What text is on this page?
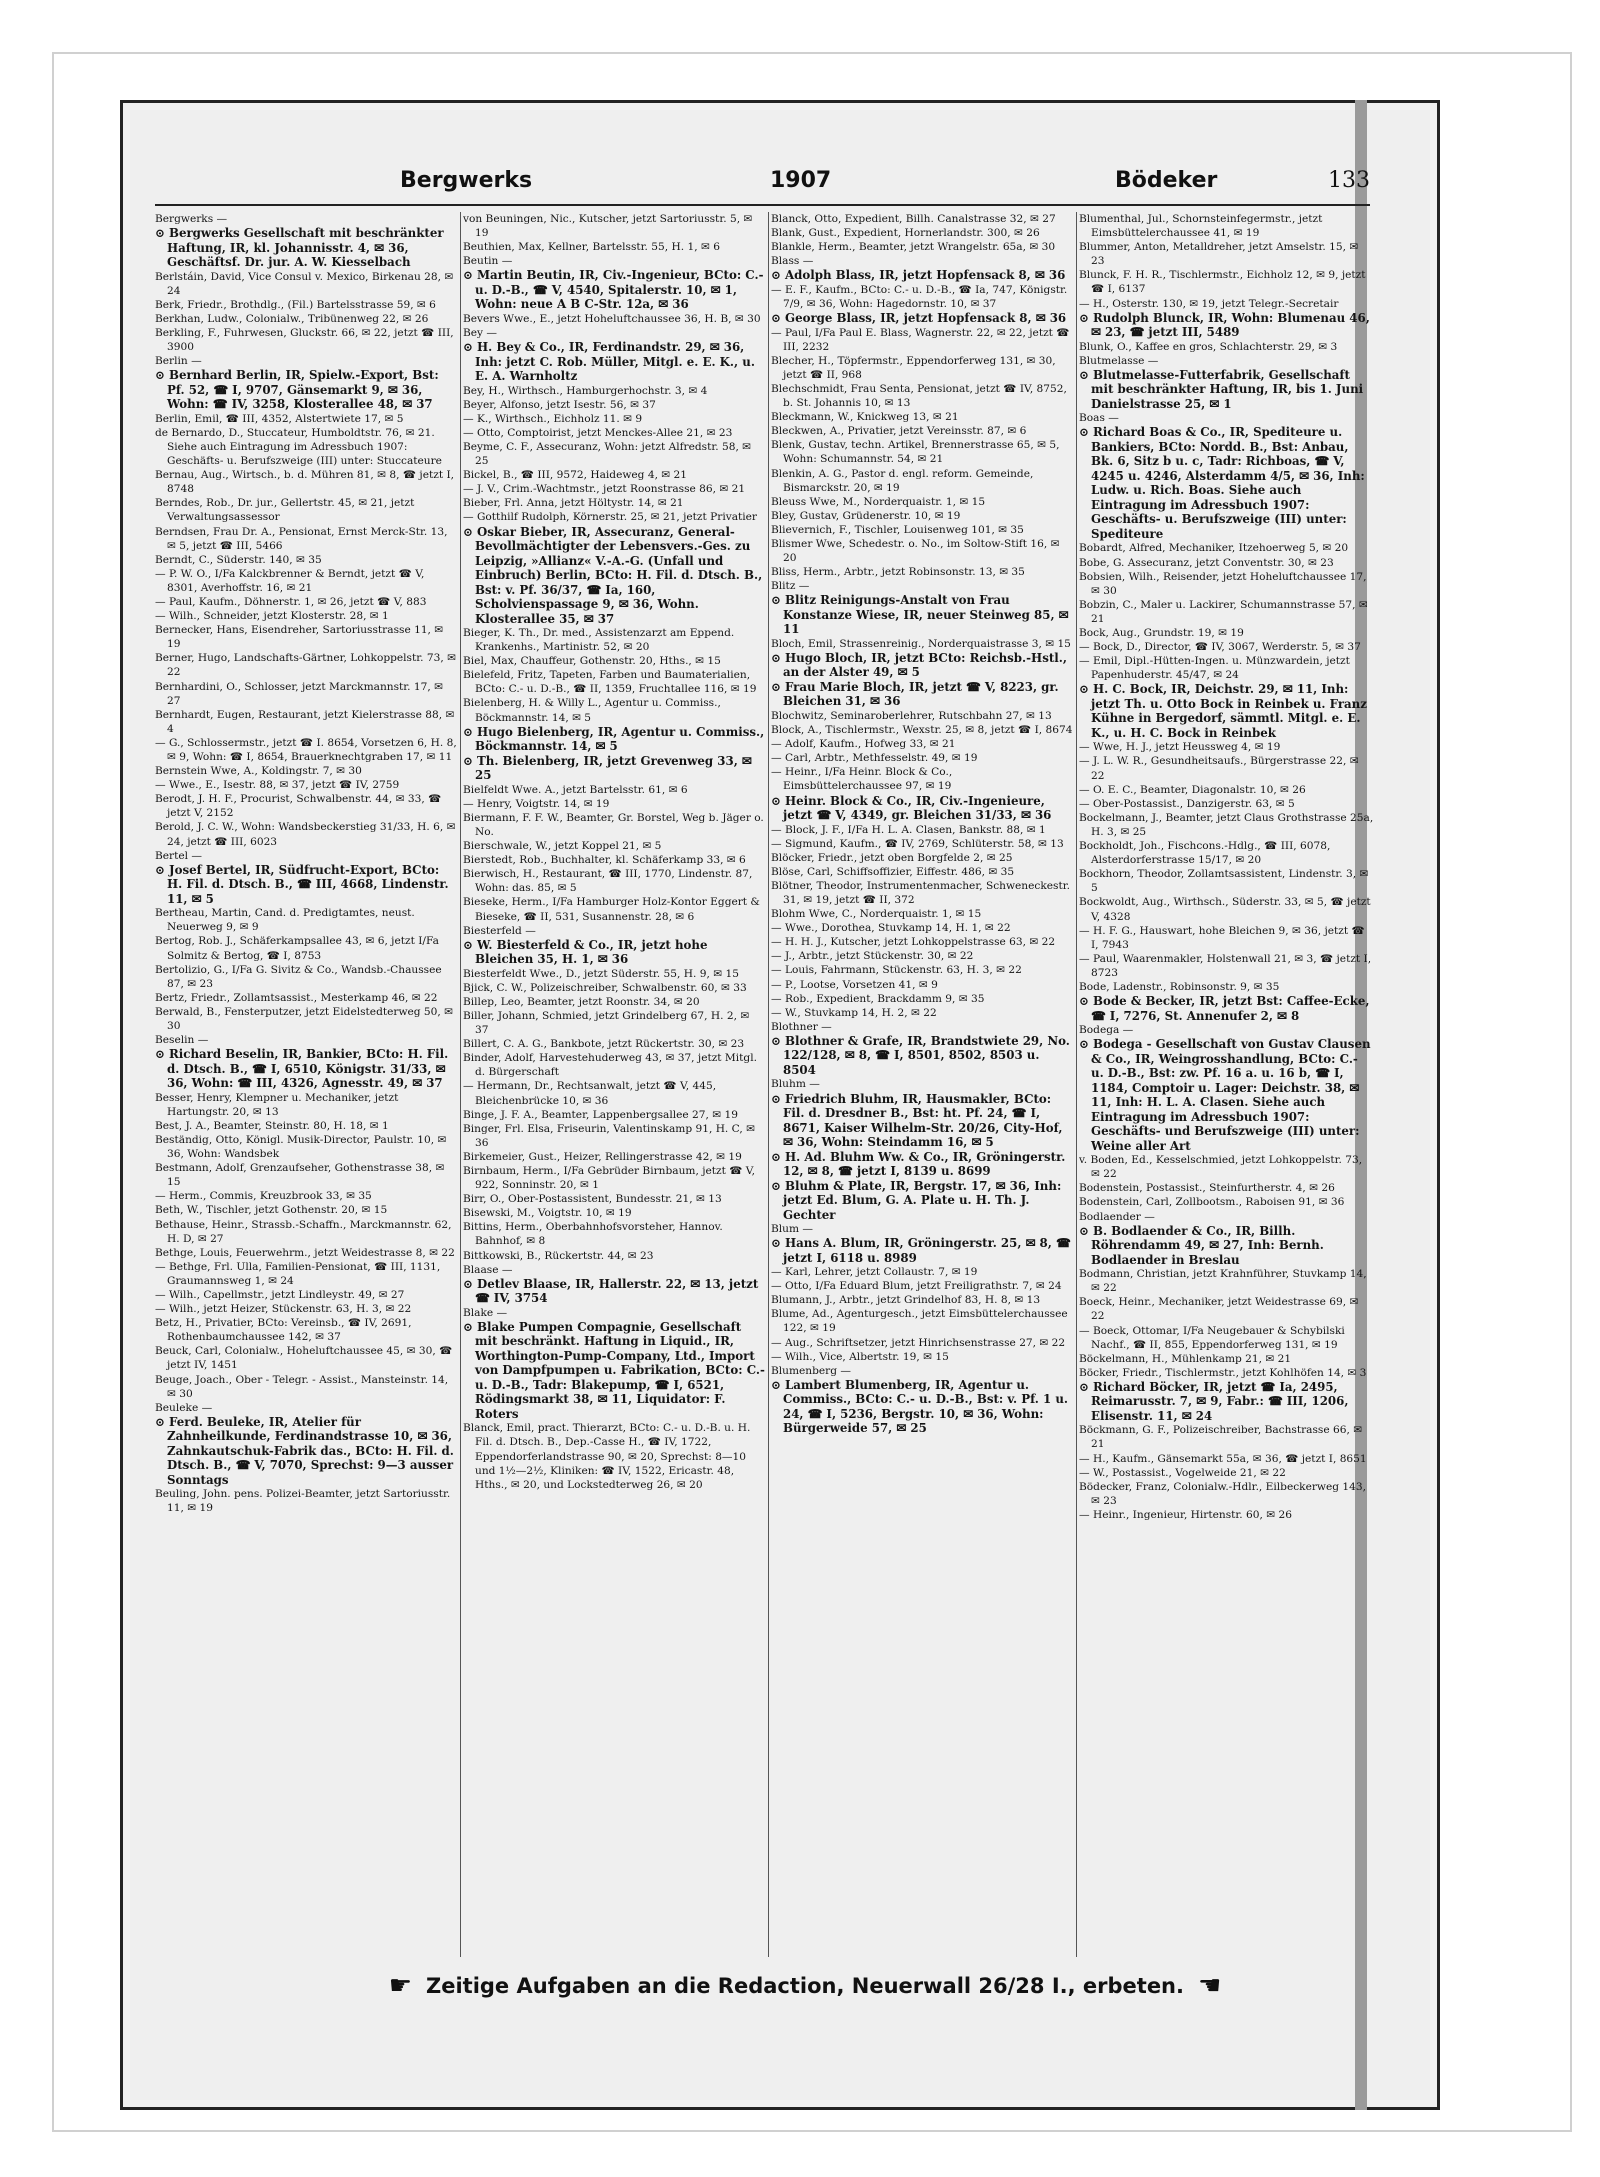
Bergwerks	1907	Bödeker	133

Bergwerks —

⊙ Bergwerks Gesellschaft mit beschränkter Haftung, IR, kl. Johannisstr. 4, ✉ 36, Geschäftsf. Dr. jur. A. W. Kiesselbach

Berlstáin, David, Vice Consul v. Mexico, Birkenau 28, ✉ 24

Berk, Friedr., Brothdlg., (Fil.) Bartelsstrasse 59, ✉ 6

Berkhan, Ludw., Colonialw., Tribünenweg 22, ✉ 26

Berkling, F., Fuhrwesen, Gluckstr. 66, ✉ 22, jetzt ☎ III, 3900

Berlin —

⊙ Bernhard Berlin, IR, Spielw.-Export, Bst: Pf. 52, ☎ I, 9707, Gänsemarkt 9, ✉ 36, Wohn: ☎ IV, 3258, Klosterallee 48, ✉ 37

Berlin, Emil, ☎ III, 4352, Alstertwiete 17, ✉ 5

de Bernardo, D., Stuccateur, Humboldtstr. 76, ✉ 21. Siehe auch Eintragung im Adressbuch 1907: Geschäfts- u. Berufszweige (III) unter: Stuccateure

Bernau, Aug., Wirtsch., b. d. Mühren 81, ✉ 8, ☎ jetzt I, 8748

Berndes, Rob., Dr. jur., Gellertstr. 45, ✉ 21, jetzt Verwaltungsassessor

Berndsen, Frau Dr. A., Pensionat, Ernst Merck-Str. 13, ✉ 5, jetzt ☎ III, 5466

Berndt, C., Süderstr. 140, ✉ 35

— P. W. O., I/Fa Kalckbrenner & Berndt, jetzt ☎ V, 8301, Averhoffstr. 16, ✉ 21

— Paul, Kaufm., Döhnerstr. 1, ✉ 26, jetzt ☎ V, 883

— Wilh., Schneider, jetzt Klosterstr. 28, ✉ 1

Bernecker, Hans, Eisendreher, Sartoriusstrasse 11, ✉ 19

Berner, Hugo, Landschafts-Gärtner, Lohkoppelstr. 73, ✉ 22

Bernhardini, O., Schlosser, jetzt Marckmannstr. 17, ✉ 27

Bernhardt, Eugen, Restaurant, jetzt Kielerstrasse 88, ✉ 4

— G., Schlossermstr., jetzt ☎ I. 8654, Vorsetzen 6, H. 8, ✉ 9, Wohn: ☎ I, 8654, Brauerknechtgraben 17, ✉ 11

Bernstein Wwe, A., Koldingstr. 7, ✉ 30

— Wwe., E., Isestr. 88, ✉ 37, jetzt ☎ IV, 2759

Berodt, J. H. F., Procurist, Schwalbenstr. 44, ✉ 33, ☎ jetzt V, 2152

Berold, J. C. W., Wohn: Wandsbeckerstieg 31/33, H. 6, ✉ 24, jetzt ☎ III, 6023

Bertel —

⊙ Josef Bertel, IR, Südfrucht-Export, BCto: H. Fil. d. Dtsch. B., ☎ III, 4668, Lindenstr. 11, ✉ 5

Bertheau, Martin, Cand. d. Predigtamtes, neust. Neuerweg 9, ✉ 9

Bertog, Rob. J., Schäferkampsallee 43, ✉ 6, jetzt I/Fa Solmitz & Bertog, ☎ I, 8753

Bertolizio, G., I/Fa G. Sivitz & Co., Wandsb.-Chaussee 87, ✉ 23

Bertz, Friedr., Zollamtsassist., Mesterkamp 46, ✉ 22

Berwald, B., Fensterputzer, jetzt Eidelstedterweg 50, ✉ 30

Beselin —

⊙ Richard Beselin, IR, Bankier, BCto: H. Fil. d. Dtsch. B., ☎ I, 6510, Königstr. 31/33, ✉ 36, Wohn: ☎ III, 4326, Agnesstr. 49, ✉ 37

Besser, Henry, Klempner u. Mechaniker, jetzt Hartungstr. 20, ✉ 13

Best, J. A., Beamter, Steinstr. 80, H. 18, ✉ 1

Beständig, Otto, Königl. Musik-Director, Paulstr. 10, ✉ 36, Wohn: Wandsbek

Bestmann, Adolf, Grenzaufseher, Gothenstrasse 38, ✉ 15

— Herm., Commis, Kreuzbrook 33, ✉ 35

Beth, W., Tischler, jetzt Gothenstr. 20, ✉ 15

Bethause, Heinr., Strassb.-Schaffn., Marckmannstr. 62, H. D, ✉ 27

Bethge, Louis, Feuerwehrm., jetzt Weidestrasse 8, ✉ 22

— Bethge, Frl. Ulla, Familien-Pensionat, ☎ III, 1131, Graumannsweg 1, ✉ 24

— Wilh., Capellmstr., jetzt Lindleystr. 49, ✉ 27

— Wilh., jetzt Heizer, Stückenstr. 63, H. 3, ✉ 22

Betz, H., Privatier, BCto: Vereinsb., ☎ IV, 2691, Rothenbaumchaussee 142, ✉ 37

Beuck, Carl, Colonialw., Hoheluftchaussee 45, ✉ 30, ☎ jetzt IV, 1451

Beuge, Joach., Ober - Telegr. - Assist., Mansteinstr. 14, ✉ 30

Beuleke —

⊙ Ferd. Beuleke, IR, Atelier für Zahnheilkunde, Ferdinandstrasse 10, ✉ 36, Zahnkautschuk-Fabrik das., BCto: H. Fil. d. Dtsch. B., ☎ V, 7070, Sprechst: 9—3 ausser Sonntags

Beuling, John. pens. Polizei-Beamter, jetzt Sartoriusstr. 11, ✉ 19

von Beuningen, Nic., Kutscher, jetzt Sartoriusstr. 5, ✉ 19

Beuthien, Max, Kellner, Bartelsstr. 55, H. 1, ✉ 6

Beutin —

⊙ Martin Beutin, IR, Civ.-Ingenieur, BCto: C.- u. D.-B., ☎ V, 4540, Spitalerstr. 10, ✉ 1, Wohn: neue A B C-Str. 12a, ✉ 36

Bevers Wwe., E., jetzt Hoheluftchaussee 36, H. B, ✉ 30

Bey —

⊙ H. Bey & Co., IR, Ferdinandstr. 29, ✉ 36, Inh: jetzt C. Rob. Müller, Mitgl. e. E. K., u. E. A. Warnholtz

Bey, H., Wirthsch., Hamburgerhochstr. 3, ✉ 4

Beyer, Alfonso, jetzt Isestr. 56, ✉ 37

— K., Wirthsch., Eichholz 11. ✉ 9

— Otto, Comptoirist, jetzt Menckes-Allee 21, ✉ 23

Beyme, C. F., Assecuranz, Wohn: jetzt Alfredstr. 58, ✉ 25

Bickel, B., ☎ III, 9572, Haideweg 4, ✉ 21

— J. V., Crim.-Wachtmstr., jetzt Roonstrasse 86, ✉ 21

Bieber, Frl. Anna, jetzt Höltystr. 14, ✉ 21

— Gotthilf Rudolph, Körnerstr. 25, ✉ 21, jetzt Privatier

⊙ Oskar Bieber, IR, Assecuranz, General-Bevollmächtigter der Lebensvers.-Ges. zu Leipzig, »Allianz« V.-A.-G. (Unfall und Einbruch) Berlin, BCto: H. Fil. d. Dtsch. B., Bst: v. Pf. 36/37, ☎ Ia, 160, Scholvienspassage 9, ✉ 36, Wohn. Klosterallee 35, ✉ 37

Bieger, K. Th., Dr. med., Assistenzarzt am Eppend. Krankenhs., Martinistr. 52, ✉ 20

Biel, Max, Chauffeur, Gothenstr. 20, Hths., ✉ 15

Bielefeld, Fritz, Tapeten, Farben und Baumaterialien, BCto: C.- u. D.-B., ☎ II, 1359, Fruchtallee 116, ✉ 19

Bielenberg, H. & Willy L., Agentur u. Commiss., Böckmannstr. 14, ✉ 5

⊙ Hugo Bielenberg, IR, Agentur u. Commiss., Böckmannstr. 14, ✉ 5

⊙ Th. Bielenberg, IR, jetzt Grevenweg 33, ✉ 25

Bielfeldt Wwe. A., jetzt Bartelsstr. 61, ✉ 6

— Henry, Voigtstr. 14, ✉ 19

Biermann, F. F. W., Beamter, Gr. Borstel, Weg b. Jäger o. No.

Bierschwale, W., jetzt Koppel 21, ✉ 5

Bierstedt, Rob., Buchhalter, kl. Schäferkamp 33, ✉ 6

Bierwisch, H., Restaurant, ☎ III, 1770, Lindenstr. 87, Wohn: das. 85, ✉ 5

Bieseke, Herm., I/Fa Hamburger Holz-Kontor Eggert & Bieseke, ☎ II, 531, Susannenstr. 28, ✉ 6

Biesterfeld —

⊙ W. Biesterfeld & Co., IR, jetzt hohe Bleichen 35, H. 1, ✉ 36

Biesterfeldt Wwe., D., jetzt Süderstr. 55, H. 9, ✉ 15

Bjick, C. W., Polizeischreiber, Schwalbenstr. 60, ✉ 33

Billep, Leo, Beamter, jetzt Roonstr. 34, ✉ 20

Biller, Johann, Schmied, jetzt Grindelberg 67, H. 2, ✉ 37

Billert, C. A. G., Bankbote, jetzt Rückertstr. 30, ✉ 23

Binder, Adolf, Harvestehuderweg 43, ✉ 37, jetzt Mitgl. d. Bürgerschaft

— Hermann, Dr., Rechtsanwalt, jetzt ☎ V, 445, Bleichenbrücke 10, ✉ 36

Binge, J. F. A., Beamter, Lappenbergsallee 27, ✉ 19

Binger, Frl. Elsa, Friseurin, Valentinskamp 91, H. C, ✉ 36

Birkemeier, Gust., Heizer, Rellingerstrasse 42, ✉ 19

Birnbaum, Herm., I/Fa Gebrüder Birnbaum, jetzt ☎ V, 922, Sonninstr. 20, ✉ 1

Birr, O., Ober-Postassistent, Bundesstr. 21, ✉ 13

Bisewski, M., Voigtstr. 10, ✉ 19

Bittins, Herm., Oberbahnhofsvorsteher, Hannov. Bahnhof, ✉ 8

Bittkowski, B., Rückertstr. 44, ✉ 23

Blaase —

⊙ Detlev Blaase, IR, Hallerstr. 22, ✉ 13, jetzt ☎ IV, 3754

Blake —

⊙ Blake Pumpen Compagnie, Gesellschaft mit beschränkt. Haftung in Liquid., IR, Worthington-Pump-Company, Ltd., Import von Dampfpumpen u. Fabrikation, BCto: C.- u. D.-B., Tadr: Blakepump, ☎ I, 6521, Rödingsmarkt 38, ✉ 11, Liquidator: F. Roters

Blanck, Emil, pract. Thierarzt, BCto: C.- u. D.-B. u. H. Fil. d. Dtsch. B., Dep.-Casse H., ☎ IV, 1722, Eppendorferlandstrasse 90, ✉ 20, Sprechst: 8—10 und 1½—2½, Kliniken: ☎ IV, 1522, Ericastr. 48, Hths., ✉ 20, und Lockstedterweg 26, ✉ 20

Blanck, Otto, Expedient, Billh. Canalstrasse 32, ✉ 27

Blank, Gust., Expedient, Hornerlandstr. 300, ✉ 26

Blankle, Herm., Beamter, jetzt Wrangelstr. 65a, ✉ 30

Blass —

⊙ Adolph Blass, IR, jetzt Hopfensack 8, ✉ 36

— E. F., Kaufm., BCto: C.- u. D.-B., ☎ Ia, 747, Königstr. 7/9, ✉ 36, Wohn: Hagedornstr. 10, ✉ 37

⊙ George Blass, IR, jetzt Hopfensack 8, ✉ 36

— Paul, I/Fa Paul E. Blass, Wagnerstr. 22, ✉ 22, jetzt ☎ III, 2232

Blecher, H., Töpfermstr., Eppendorferweg 131, ✉ 30, jetzt ☎ II, 968

Blechschmidt, Frau Senta, Pensionat, jetzt ☎ IV, 8752, b. St. Johannis 10, ✉ 13

Bleckmann, W., Knickweg 13, ✉ 21

Bleckwen, A., Privatier, jetzt Vereinsstr. 87, ✉ 6

Blenk, Gustav, techn. Artikel, Brennerstrasse 65, ✉ 5, Wohn: Schumannstr. 54, ✉ 21

Blenkin, A. G., Pastor d. engl. reform. Gemeinde, Bismarckstr. 20, ✉ 19

Bleuss Wwe, M., Norderquaistr. 1, ✉ 15

Bley, Gustav, Grüdenerstr. 10, ✉ 19

Blievernich, F., Tischler, Louisenweg 101, ✉ 35

Blismer Wwe, Schedestr. o. No., im Soltow-Stift 16, ✉ 20

Bliss, Herm., Arbtr., jetzt Robinsonstr. 13, ✉ 35

Blitz —

⊙ Blitz Reinigungs-Anstalt von Frau Konstanze Wiese, IR, neuer Steinweg 85, ✉ 11

Bloch, Emil, Strassenreinig., Norderquaistrasse 3, ✉ 15

⊙ Hugo Bloch, IR, jetzt BCto: Reichsb.-Hstl., an der Alster 49, ✉ 5

⊙ Frau Marie Bloch, IR, jetzt ☎ V, 8223, gr. Bleichen 31, ✉ 36

Blochwitz, Seminaroberlehrer, Rutschbahn 27, ✉ 13

Block, A., Tischlermstr., Wexstr. 25, ✉ 8, jetzt ☎ I, 8674

— Adolf, Kaufm., Hofweg 33, ✉ 21

— Carl, Arbtr., Methfesselstr. 49, ✉ 19

— Heinr., I/Fa Heinr. Block & Co., Eimsbüttelerchaussee 97, ✉ 19

⊙ Heinr. Block & Co., IR, Civ.-Ingenieure, jetzt ☎ V, 4349, gr. Bleichen 31/33, ✉ 36

— Block, J. F., I/Fa H. L. A. Clasen, Bankstr. 88, ✉ 1

— Sigmund, Kaufm., ☎ IV, 2769, Schlüterstr. 58, ✉ 13

Blöcker, Friedr., jetzt oben Borgfelde 2, ✉ 25

Blöse, Carl, Schiffsoffizier, Eiffestr. 486, ✉ 35

Blötner, Theodor, Instrumentenmacher, Schweneckestr. 31, ✉ 19, jetzt ☎ II, 372

Blohm Wwe, C., Norderquaistr. 1, ✉ 15

— Wwe., Dorothea, Stuvkamp 14, H. 1, ✉ 22

— H. H. J., Kutscher, jetzt Lohkoppelstrasse 63, ✉ 22

— J., Arbtr., jetzt Stückenstr. 30, ✉ 22

— Louis, Fahrmann, Stückenstr. 63, H. 3, ✉ 22

— P., Lootse, Vorsetzen 41, ✉ 9

— Rob., Expedient, Brackdamm 9, ✉ 35

— W., Stuvkamp 14, H. 2, ✉ 22

Blothner —

⊙ Blothner & Grafe, IR, Brandstwiete 29, No. 122/128, ✉ 8, ☎ I, 8501, 8502, 8503 u. 8504

Bluhm —

⊙ Friedrich Bluhm, IR, Hausmakler, BCto: Fil. d. Dresdner B., Bst: ht. Pf. 24, ☎ I, 8671, Kaiser Wilhelm-Str. 20/26, City-Hof, ✉ 36, Wohn: Steindamm 16, ✉ 5

⊙ H. Ad. Bluhm Ww. & Co., IR, Gröningerstr. 12, ✉ 8, ☎ jetzt I, 8139 u. 8699

⊙ Bluhm & Plate, IR, Bergstr. 17, ✉ 36, Inh: jetzt Ed. Blum, G. A. Plate u. H. Th. J. Gechter

Blum —

⊙ Hans A. Blum, IR, Gröningerstr. 25, ✉ 8, ☎ jetzt I, 6118 u. 8989

— Karl, Lehrer, jetzt Collaustr. 7, ✉ 19

— Otto, I/Fa Eduard Blum, jetzt Freiligrathstr. 7, ✉ 24

Blumann, J., Arbtr., jetzt Grindelhof 83, H. 8, ✉ 13

Blume, Ad., Agenturgesch., jetzt Eimsbüttelerchaussee 122, ✉ 19

— Aug., Schriftsetzer, jetzt Hinrichsenstrasse 27, ✉ 22

— Wilh., Vice, Albertstr. 19, ✉ 15

Blumenberg —

⊙ Lambert Blumenberg, IR, Agentur u. Commiss., BCto: C.- u. D.-B., Bst: v. Pf. 1 u. 24, ☎ I, 5236, Bergstr. 10, ✉ 36, Wohn: Bürgerweide 57, ✉ 25

Blumenthal, Jul., Schornsteinfegermstr., jetzt Eimsbüttelerchaussee 41, ✉ 19

Blummer, Anton, Metalldreher, jetzt Amselstr. 15, ✉ 23

Blunck, F. H. R., Tischlermstr., Eichholz 12, ✉ 9, jetzt ☎ I, 6137

— H., Osterstr. 130, ✉ 19, jetzt Telegr.-Secretair

⊙ Rudolph Blunck, IR, Wohn: Blumenau 46, ✉ 23, ☎ jetzt III, 5489

Blunk, O., Kaffee en gros, Schlachterstr. 29, ✉ 3

Blutmelasse —

⊙ Blutmelasse-Futterfabrik, Gesellschaft mit beschränkter Haftung, IR, bis 1. Juni Danielstrasse 25, ✉ 1

Boas —

⊙ Richard Boas & Co., IR, Spediteure u. Bankiers, BCto: Nordd. B., Bst: Anbau, Bk. 6, Sitz b u. c, Tadr: Richboas, ☎ V, 4245 u. 4246, Alsterdamm 4/5, ✉ 36, Inh: Ludw. u. Rich. Boas. Siehe auch Eintragung im Adressbuch 1907: Geschäfts- u. Berufszweige (III) unter: Spediteure

Bobardt, Alfred, Mechaniker, Itzehoerweg 5, ✉ 20

Bobe, G. Assecuranz, jetzt Conventstr. 30, ✉ 23

Bobsien, Wilh., Reisender, jetzt Hoheluftchaussee 17, ✉ 30

Bobzin, C., Maler u. Lackirer, Schumannstrasse 57, ✉ 21

Bock, Aug., Grundstr. 19, ✉ 19

— Bock, D., Director, ☎ IV, 3067, Werderstr. 5, ✉ 37

— Emil, Dipl.-Hütten-Ingen. u. Münzwardein, jetzt Papenhuderstr. 45/47, ✉ 24

⊙ H. C. Bock, IR, Deichstr. 29, ✉ 11, Inh: jetzt Th. u. Otto Bock in Reinbek u. Franz Kühne in Bergedorf, sämmtl. Mitgl. e. E. K., u. H. C. Bock in Reinbek

— Wwe, H. J., jetzt Heussweg 4, ✉ 19

— J. L. W. R., Gesundheitsaufs., Bürgerstrasse 22, ✉ 22

— O. E. C., Beamter, Diagonalstr. 10, ✉ 26

— Ober-Postassist., Danzigerstr. 63, ✉ 5

Bockelmann, J., Beamter, jetzt Claus Grothstrasse 25a, H. 3, ✉ 25

Bockholdt, Joh., Fischcons.-Hdlg., ☎ III, 6078, Alsterdorferstrasse 15/17, ✉ 20

Bockhorn, Theodor, Zollamtsassistent, Lindenstr. 3, ✉ 5

Bockwoldt, Aug., Wirthsch., Süderstr. 33, ✉ 5, ☎ jetzt V, 4328

— H. F. G., Hauswart, hohe Bleichen 9, ✉ 36, jetzt ☎ I, 7943

— Paul, Waarenmakler, Holstenwall 21, ✉ 3, ☎ jetzt I, 8723

Bode, Ladenstr., Robinsonstr. 9, ✉ 35

⊙ Bode & Becker, IR, jetzt Bst: Caffee-Ecke, ☎ I, 7276, St. Annenufer 2, ✉ 8

Bodega —

⊙ Bodega - Gesellschaft von Gustav Clausen & Co., IR, Weingrosshandlung, BCto: C.- u. D.-B., Bst: zw. Pf. 16 a. u. 16 b, ☎ I, 1184, Comptoir u. Lager: Deichstr. 38, ✉ 11, Inh: H. L. A. Clasen. Siehe auch Eintragung im Adressbuch 1907: Geschäfts- und Berufszweige (III) unter: Weine aller Art

v. Boden, Ed., Kesselschmied, jetzt Lohkoppelstr. 73, ✉ 22

Bodenstein, Postassist., Steinfurtherstr. 4, ✉ 26

Bodenstein, Carl, Zollbootsm., Raboisen 91, ✉ 36

Bodlaender —

⊙ B. Bodlaender & Co., IR, Billh. Röhrendamm 49, ✉ 27, Inh: Bernh. Bodlaender in Breslau

Bodmann, Christian, jetzt Krahnführer, Stuvkamp 14, ✉ 22

Boeck, Heinr., Mechaniker, jetzt Weidestrasse 69, ✉ 22

— Boeck, Ottomar, I/Fa Neugebauer & Schybilski Nachf., ☎ II, 855, Eppendorferweg 131, ✉ 19

Böckelmann, H., Mühlenkamp 21, ✉ 21

Böcker, Friedr., Tischlermstr., jetzt Kohlhöfen 14, ✉ 3

⊙ Richard Böcker, IR, jetzt ☎ Ia, 2495, Reimarusstr. 7, ✉ 9, Fabr.: ☎ III, 1206, Elisenstr. 11, ✉ 24

Böckmann, G. F., Polizeischreiber, Bachstrasse 66, ✉ 21

— H., Kaufm., Gänsemarkt 55a, ✉ 36, ☎ jetzt I, 8651

— W., Postassist., Vogelweide 21, ✉ 22

Bödecker, Franz, Colonialw.-Hdlr., Eilbeckerweg 143, ✉ 23

— Heinr., Ingenieur, Hirtenstr. 60, ✉ 26

☛ Zeitige Aufgaben an die Redaction, Neuerwall 26/28 I., erbeten. ☚
